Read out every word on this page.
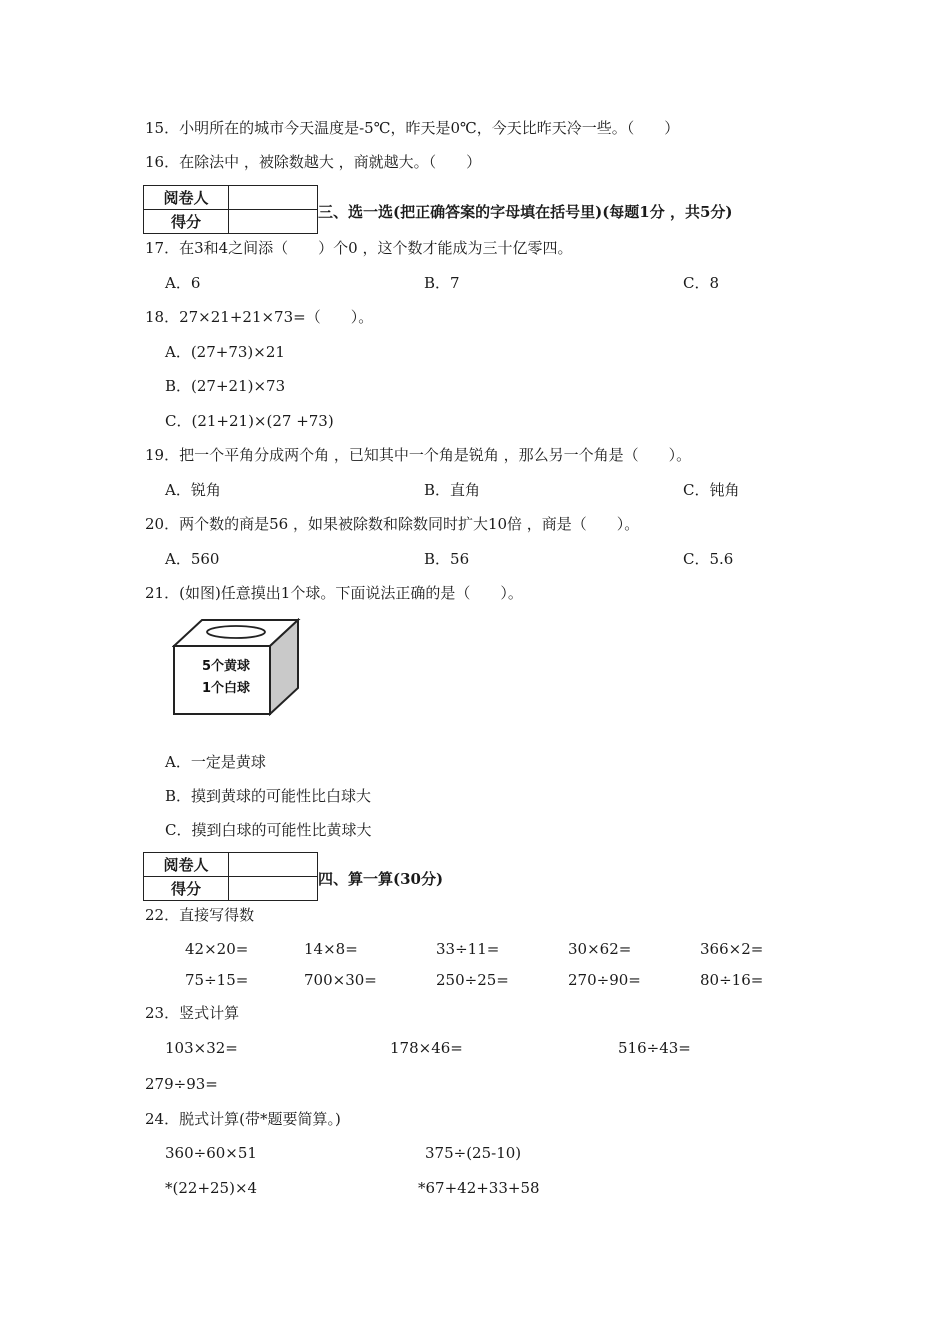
15．小明所在的城市今天温度是-5℃，昨天是0℃，今天比昨天冷一些。（　　）
16．在除法中 ，被除数越大 ，商就越大。（　　）
阅卷人	
得分	
三、选一选(把正确答案的字母填在括号里)(每题1分 ，共5分)
17．在3和4之间添（　　）个0 ，这个数才能成为三十亿零四。
A．6	B．7	C．8
18．27×21+21×73=（　　）。
A．(27+73)×21
B．(27+21)×73
C．(21+21)×(27 +73)
19．把一个平角分成两个角 ，已知其中一个角是锐角 ，那么另一个角是（　　）。
A．锐角	B．直角	C．钝角
20．两个数的商是56 ，如果被除数和除数同时扩大10倍 ，商是（　　）。
A．560	B．56	C．5.6
21．(如图)任意摸出1个球。下面说法正确的是（　　）。
5个黄球
1个白球
A．一定是黄球
B．摸到黄球的可能性比白球大
C．摸到白球的可能性比黄球大
阅卷人	
得分	
四、算一算(30分)
22．直接写得数
42×20=	14×8=	33÷11=	30×62=	366×2=
75÷15=	700×30=	250÷25=	270÷90=	80÷16=
23．竖式计算
103×32=	178×46=	516÷43=
279÷93=
24．脱式计算(带*题要简算。)
360÷60×51	375÷(25-10)
*(22+25)×4	*67+42+33+58
